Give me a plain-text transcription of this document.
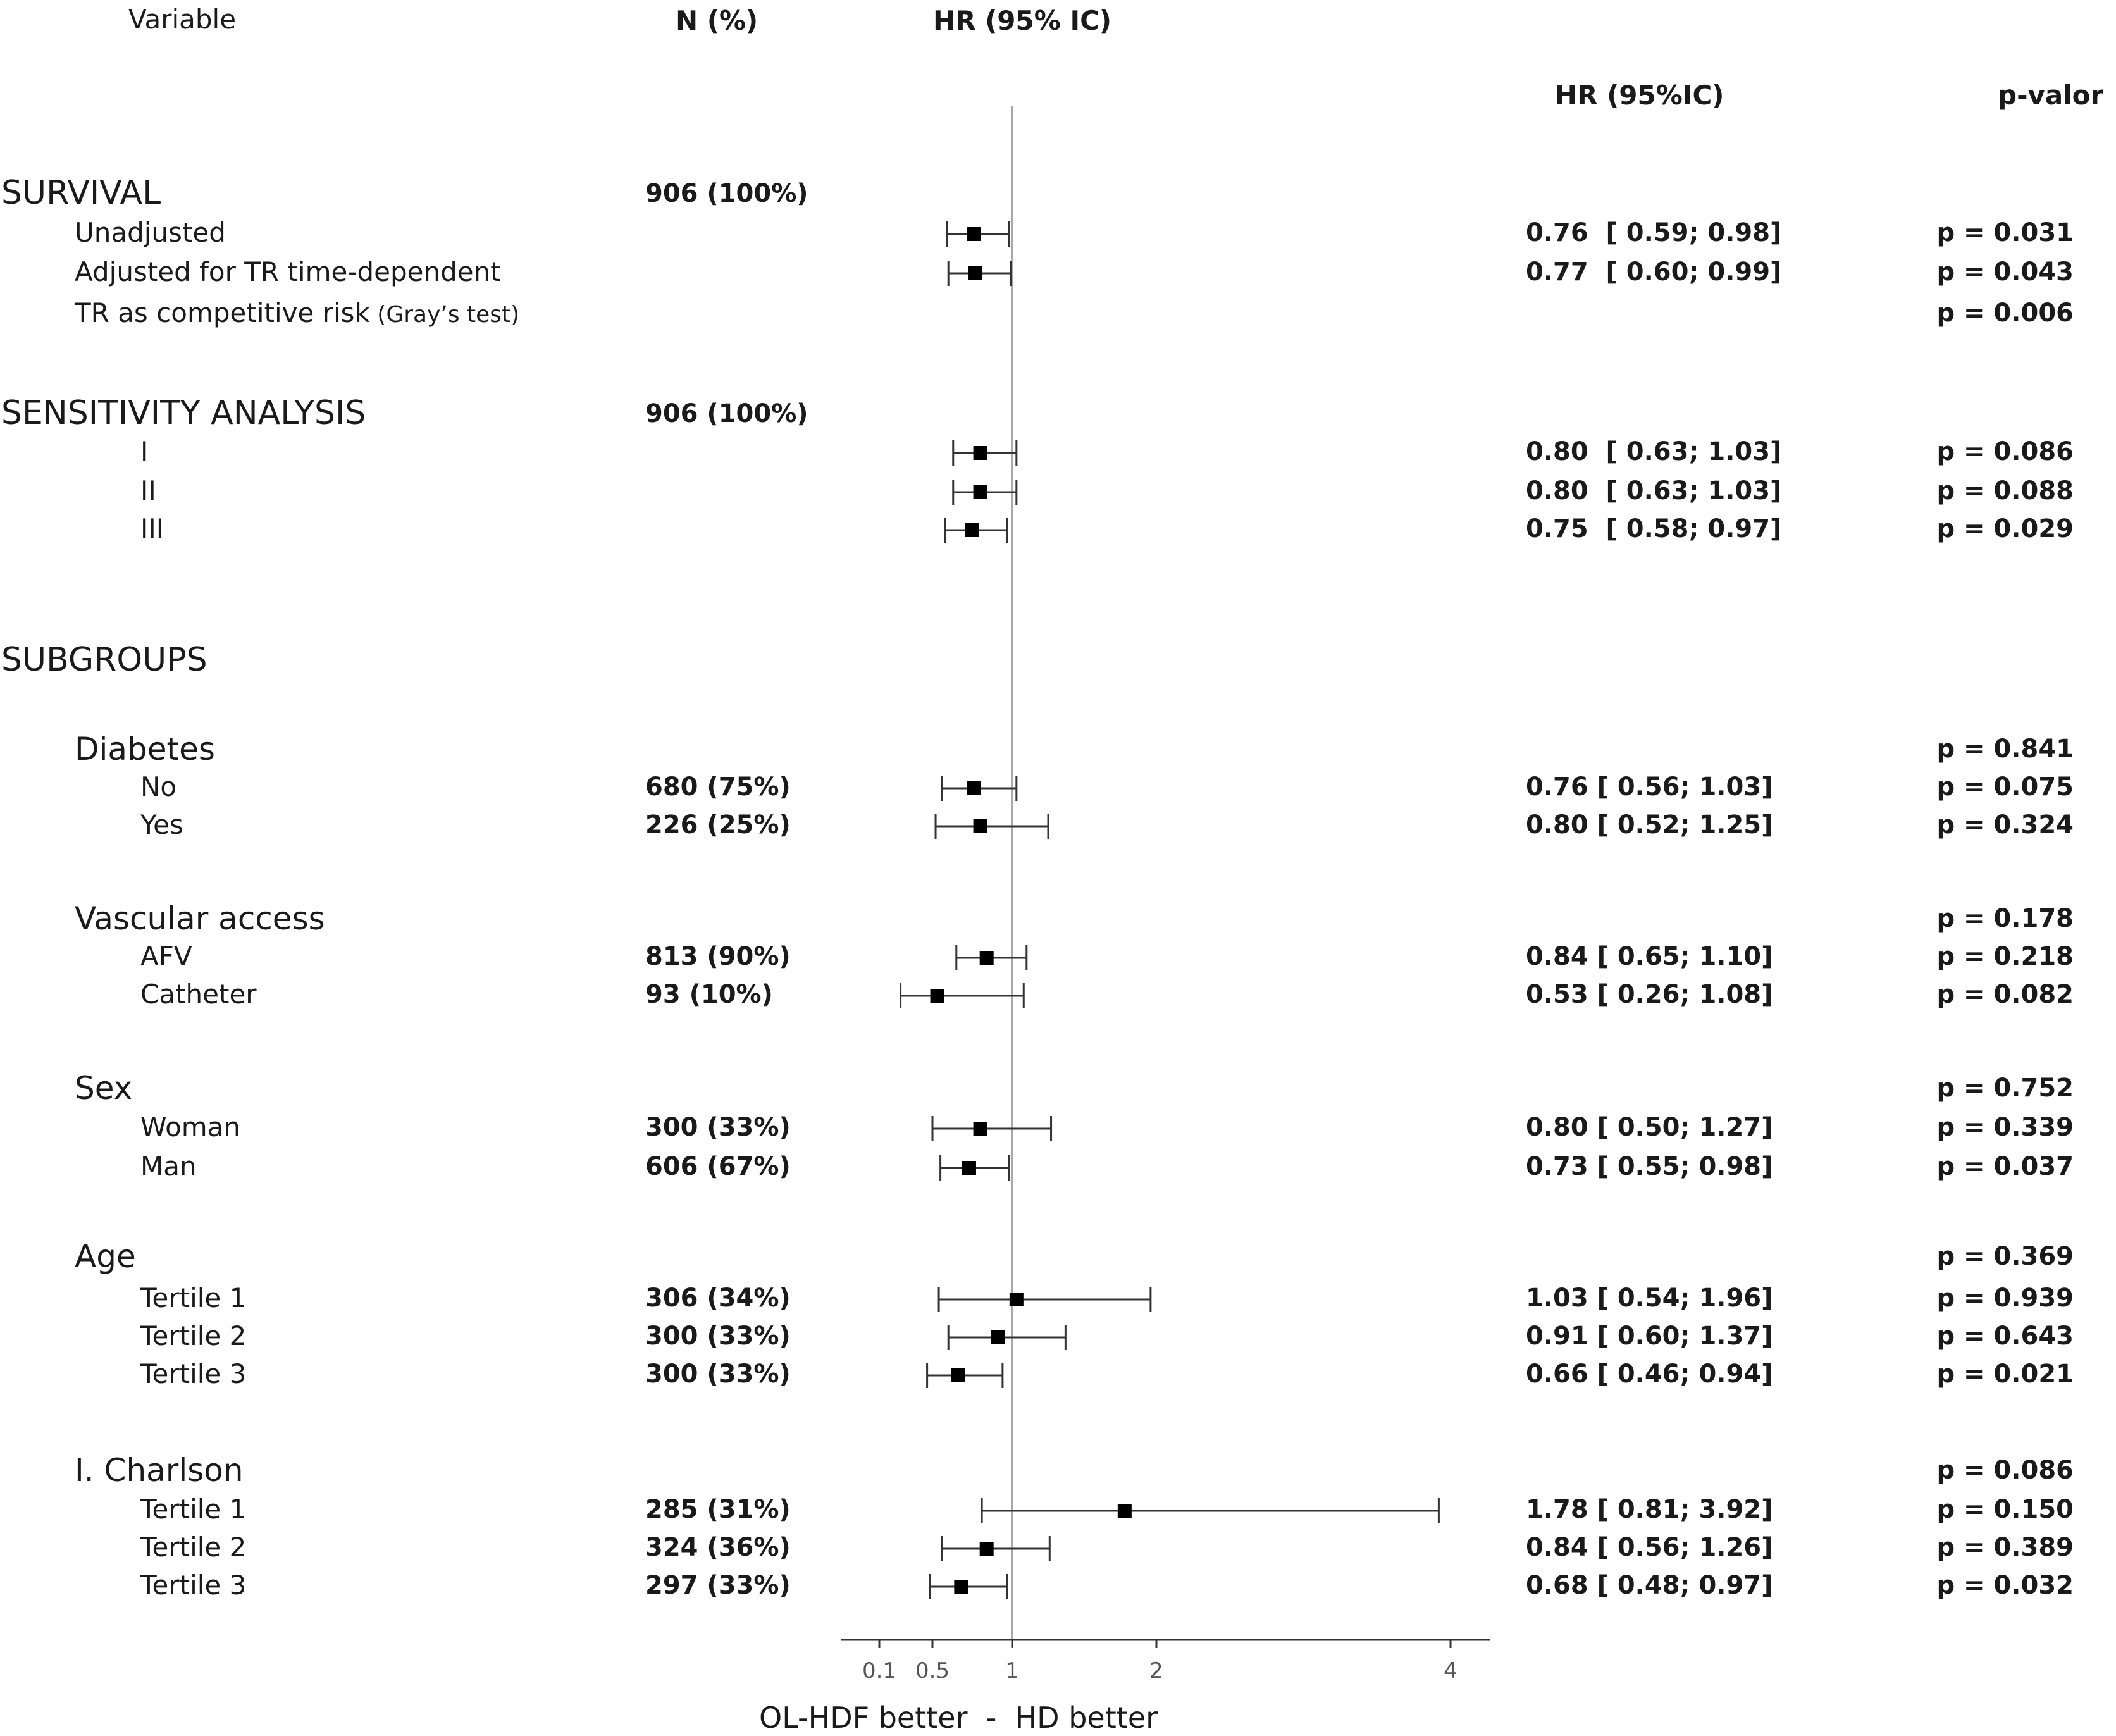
0.1 0.5	1	2	4
Variable	N (%)	HR (95% IC)
HR (95%IC)	p-valor
OL-HDF better  -  HD better
SURVIVAL	906 (100%)
Unadjusted	0.76  [ 0.59; 0.98]	p = 0.031
Adjusted for TR time-dependent	0.77  [ 0.60; 0.99]	p = 0.043
TR as competitive risk (Gray’s test)	p = 0.006
SENSITIVITY ANALYSIS	906 (100%)
I	0.80  [ 0.63; 1.03]	p = 0.086
II	0.80  [ 0.63; 1.03]	p = 0.088
III	0.75  [ 0.58; 0.97]	p = 0.029
SUBGROUPS
Diabetes	p = 0.841
No	680 (75%)	0.76 [ 0.56; 1.03]	p = 0.075
Yes	226 (25%)	0.80 [ 0.52; 1.25]	p = 0.324
Vascular access	p = 0.178
AFV	813 (90%)	0.84 [ 0.65; 1.10]	p = 0.218
Catheter	93 (10%)	0.53 [ 0.26; 1.08]	p = 0.082
Sex	p = 0.752
Woman	300 (33%)	0.80 [ 0.50; 1.27]	p = 0.339
Man	606 (67%)	0.73 [ 0.55; 0.98]	p = 0.037
Age	p = 0.369
Tertile 1	306 (34%)	1.03 [ 0.54; 1.96]	p = 0.939
Tertile 2	300 (33%)	0.91 [ 0.60; 1.37]	p = 0.643
Tertile 3	300 (33%)	0.66 [ 0.46; 0.94]	p = 0.021
I. Charlson	p = 0.086
Tertile 1	285 (31%)	1.78 [ 0.81; 3.92]	p = 0.150
Tertile 2	324 (36%)	0.84 [ 0.56; 1.26]	p = 0.389
Tertile 3	297 (33%)	0.68 [ 0.48; 0.97]	p = 0.032
